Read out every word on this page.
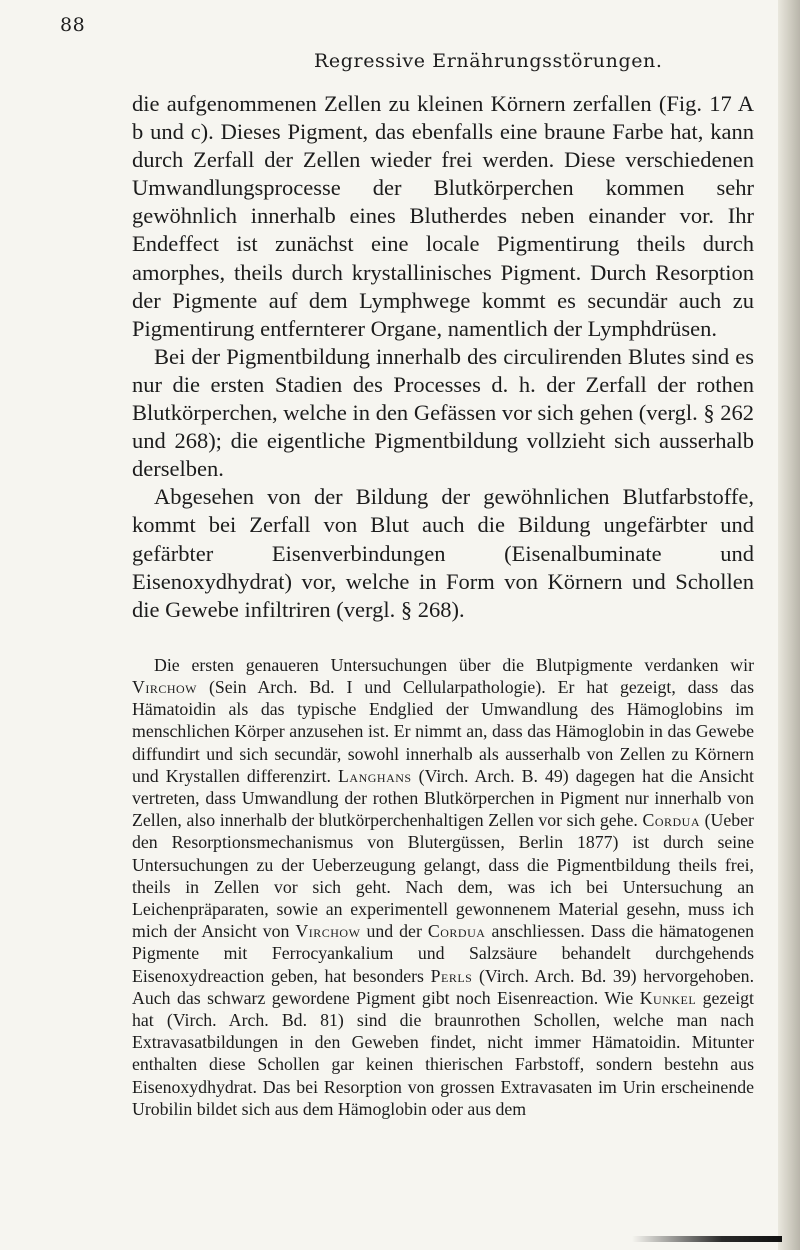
88
Regressive Ernährungsstörungen.

die aufgenommenen Zellen zu kleinen Körnern zerfallen (Fig. 17 A b und c). Dieses Pigment, das ebenfalls eine braune Farbe hat, kann durch Zerfall der Zellen wieder frei werden. Diese verschiedenen Umwandlungsprocesse der Blutkörperchen kommen sehr gewöhnlich innerhalb eines Blutherdes neben einander vor. Ihr Endeffect ist zunächst eine locale Pigmentirung theils durch amorphes, theils durch krystallinisches Pigment. Durch Resorption der Pigmente auf dem Lymphwege kommt es secundär auch zu Pigmentirung entfernterer Organe, namentlich der Lymphdrüsen.

Bei der Pigmentbildung innerhalb des circulirenden Blutes sind es nur die ersten Stadien des Processes d. h. der Zerfall der rothen Blutkörperchen, welche in den Gefässen vor sich gehen (vergl. § 262 und 268); die eigentliche Pigmentbildung vollzieht sich ausserhalb derselben.

Abgesehen von der Bildung der gewöhnlichen Blutfarbstoffe, kommt bei Zerfall von Blut auch die Bildung ungefärbter und gefärbter Eisenverbindungen (Eisenalbuminate und Eisenoxydhydrat) vor, welche in Form von Körnern und Schollen die Gewebe infiltriren (vergl. § 268).

Die ersten genaueren Untersuchungen über die Blutpigmente verdanken wir Virchow (Sein Arch. Bd. I und Cellularpathologie). Er hat gezeigt, dass das Hämatoidin als das typische Endglied der Umwandlung des Hämoglobins im menschlichen Körper anzusehen ist. Er nimmt an, dass das Hämoglobin in das Gewebe diffundirt und sich secundär, sowohl innerhalb als ausserhalb von Zellen zu Körnern und Krystallen differenzirt. Langhans (Virch. Arch. B. 49) dagegen hat die Ansicht vertreten, dass Umwandlung der rothen Blutkörperchen in Pigment nur innerhalb von Zellen, also innerhalb der blutkörperchenhaltigen Zellen vor sich gehe. Cordua (Ueber den Resorptionsmechanismus von Blutergüssen, Berlin 1877) ist durch seine Untersuchungen zu der Ueberzeugung gelangt, dass die Pigmentbildung theils frei, theils in Zellen vor sich geht. Nach dem, was ich bei Untersuchung an Leichenpräparaten, sowie an experimentell gewonnenem Material gesehn, muss ich mich der Ansicht von Virchow und der Cordua anschliessen. Dass die hämatogenen Pigmente mit Ferrocyankalium und Salzsäure behandelt durchgehends Eisenoxydreaction geben, hat besonders Perls (Virch. Arch. Bd. 39) hervorgehoben. Auch das schwarz gewordene Pigment gibt noch Eisenreaction. Wie Kunkel gezeigt hat (Virch. Arch. Bd. 81) sind die braunrothen Schollen, welche man nach Extravasatbildungen in den Geweben findet, nicht immer Hämatoidin. Mitunter enthalten diese Schollen gar keinen thierischen Farbstoff, sondern bestehn aus Eisenoxydhydrat. Das bei Resorption von grossen Extravasaten im Urin erscheinende Urobilin bildet sich aus dem Hämoglobin oder aus dem
